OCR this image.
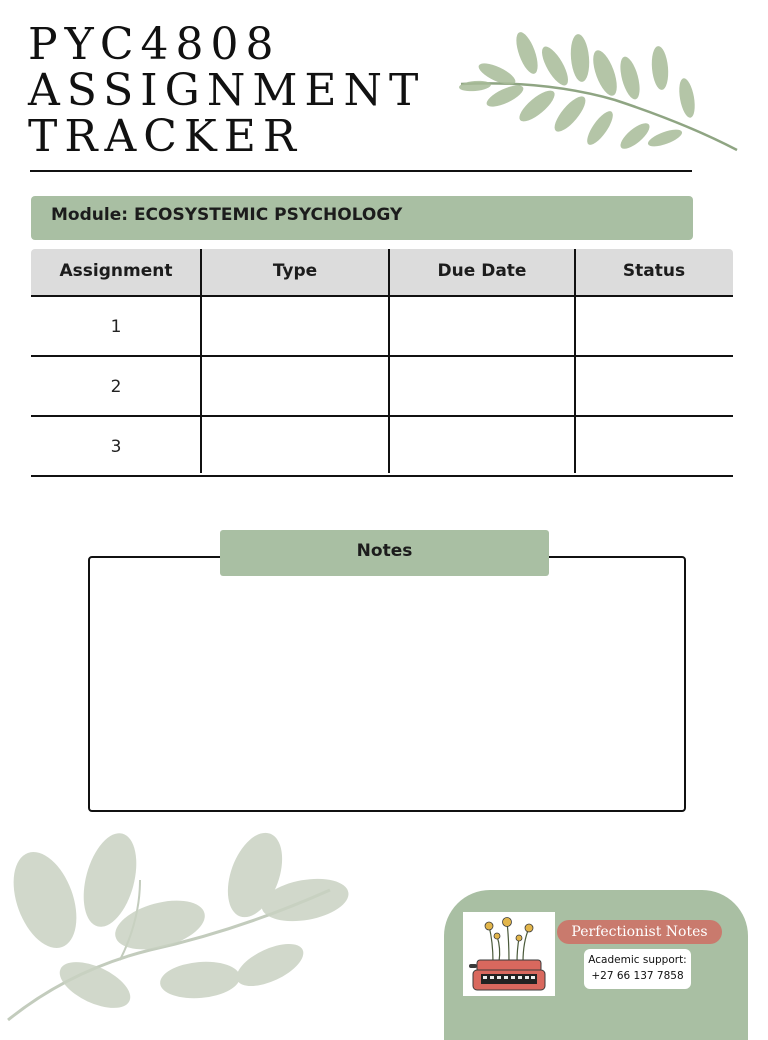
PYC4808
ASSIGNMENT
TRACKER
Module: ECOSYSTEMIC PSYCHOLOGY
Assignment	Type	Due Date	Status
1
2
3
Notes
Perfectionist Notes
Academic support:
+27 66 137 7858
